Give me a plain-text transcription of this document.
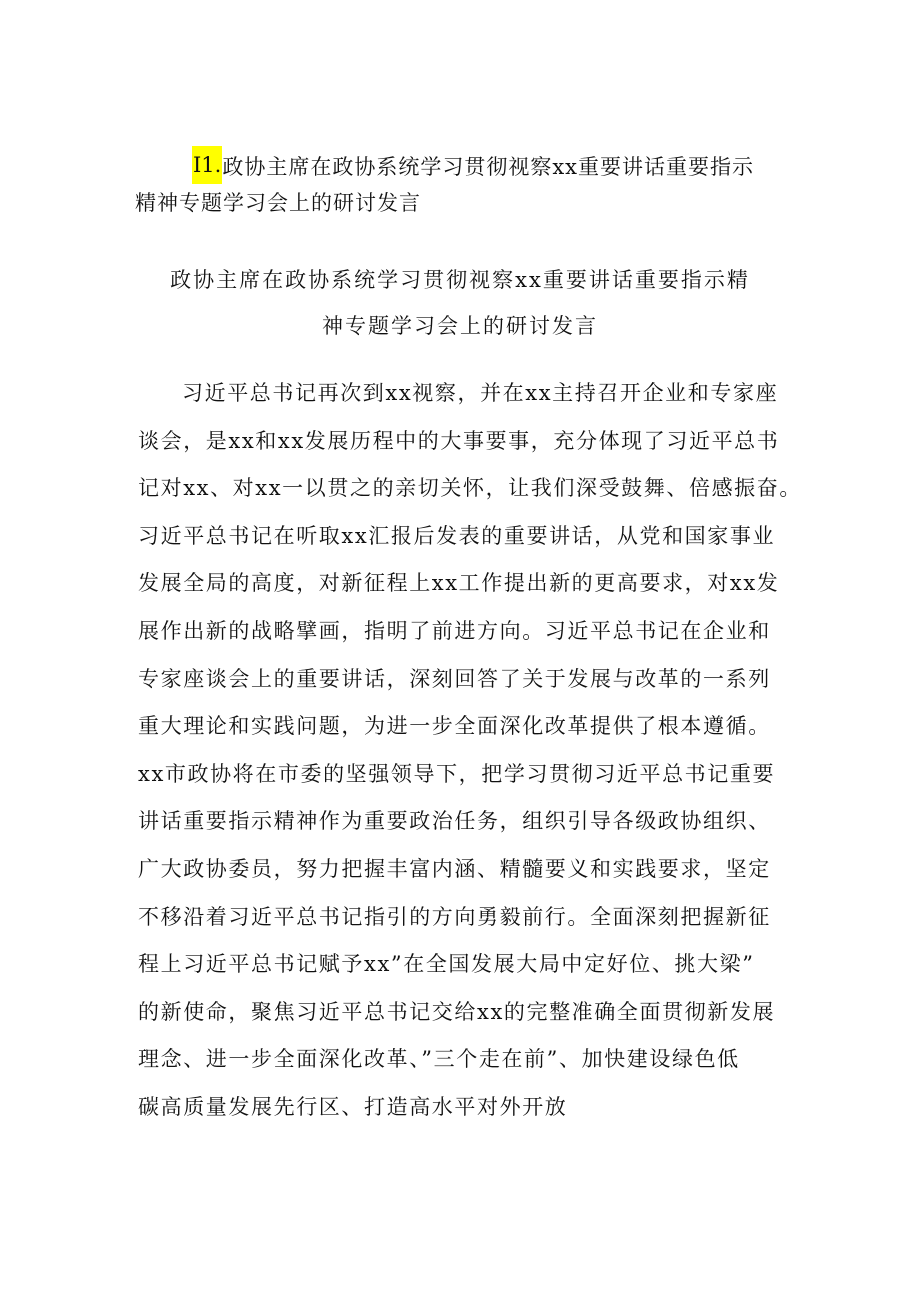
I1.政协主席在政协系统学习贯彻视察xx重要讲话重要指示
精神专题学习会上的研讨发言
政协主席在政协系统学习贯彻视察xx重要讲话重要指示精
神专题学习会上的研讨发言
习近平总书记再次到xx视察，并在xx主持召开企业和专家座
谈会，是xx和xx发展历程中的大事要事，充分体现了习近平总书
记对xx、对xx一以贯之的亲切关怀，让我们深受鼓舞、倍感振奋。
习近平总书记在听取xx汇报后发表的重要讲话，从党和国家事业
发展全局的高度，对新征程上xx工作提出新的更高要求，对xx发
展作出新的战略擘画，指明了前进方向。习近平总书记在企业和
专家座谈会上的重要讲话，深刻回答了关于发展与改革的一系列
重大理论和实践问题，为进一步全面深化改革提供了根本遵循。
xx市政协将在市委的坚强领导下，把学习贯彻习近平总书记重要
讲话重要指示精神作为重要政治任务，组织引导各级政协组织、
广大政协委员，努力把握丰富内涵、精髓要义和实践要求，坚定
不移沿着习近平总书记指引的方向勇毅前行。全面深刻把握新征
程上习近平总书记赋予xx”在全国发展大局中定好位、挑大梁”
的新使命，聚焦习近平总书记交给xx的完整准确全面贯彻新发展
理念、进一步全面深化改革、”三个走在前”、加快建设绿色低
碳高质量发展先行区、打造高水平对外开放
